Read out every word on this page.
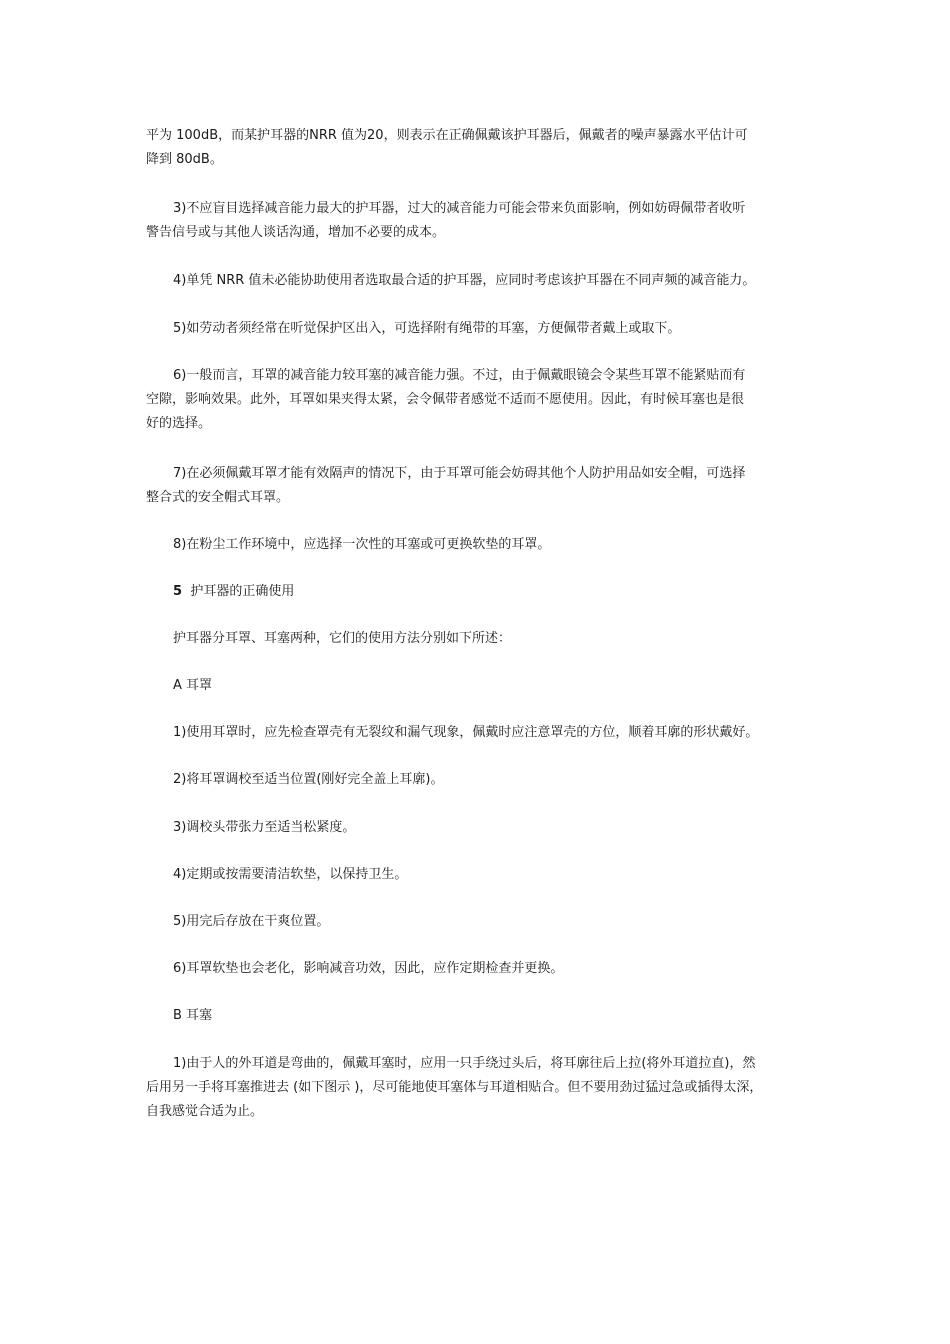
平为 100dB，而某护耳器的NRR 值为20，则表示在正确佩戴该护耳器后，佩戴者的噪声暴露水平估计可
降到 80dB。

3)不应盲目选择减音能力最大的护耳器，过大的减音能力可能会带来负面影响，例如妨碍佩带者收听
警告信号或与其他人谈话沟通，增加不必要的成本。

4)单凭 NRR 值未必能协助使用者选取最合适的护耳器，应同时考虑该护耳器在不同声频的减音能力。

5)如劳动者须经常在听觉保护区出入，可选择附有绳带的耳塞，方便佩带者戴上或取下。

6)一般而言，耳罩的减音能力较耳塞的减音能力强。不过，由于佩戴眼镜会令某些耳罩不能紧贴而有
空隙，影响效果。此外，耳罩如果夹得太紧，会令佩带者感觉不适而不愿使用。因此，有时候耳塞也是很
好的选择。

7)在必须佩戴耳罩才能有效隔声的情况下，由于耳罩可能会妨碍其他个人防护用品如安全帽，可选择
整合式的安全帽式耳罩。

8)在粉尘工作环境中，应选择一次性的耳塞或可更换软垫的耳罩。

5 护耳器的正确使用

护耳器分耳罩、耳塞两种，它们的使用方法分别如下所述：

A 耳罩

1)使用耳罩时，应先检查罩壳有无裂纹和漏气现象，佩戴时应注意罩壳的方位，顺着耳廓的形状戴好。

2)将耳罩调校至适当位置(刚好完全盖上耳廓)。

3)调校头带张力至适当松紧度。

4)定期或按需要清洁软垫，以保持卫生。

5)用完后存放在干爽位置。

6)耳罩软垫也会老化，影响减音功效，因此，应作定期检查并更换。

B 耳塞

1)由于人的外耳道是弯曲的，佩戴耳塞时，应用一只手绕过头后，将耳廓往后上拉(将外耳道拉直)，然
后用另一手将耳塞推进去 (如下图示 )，尽可能地使耳塞体与耳道相贴合。但不要用劲过猛过急或插得太深，
自我感觉合适为止。
